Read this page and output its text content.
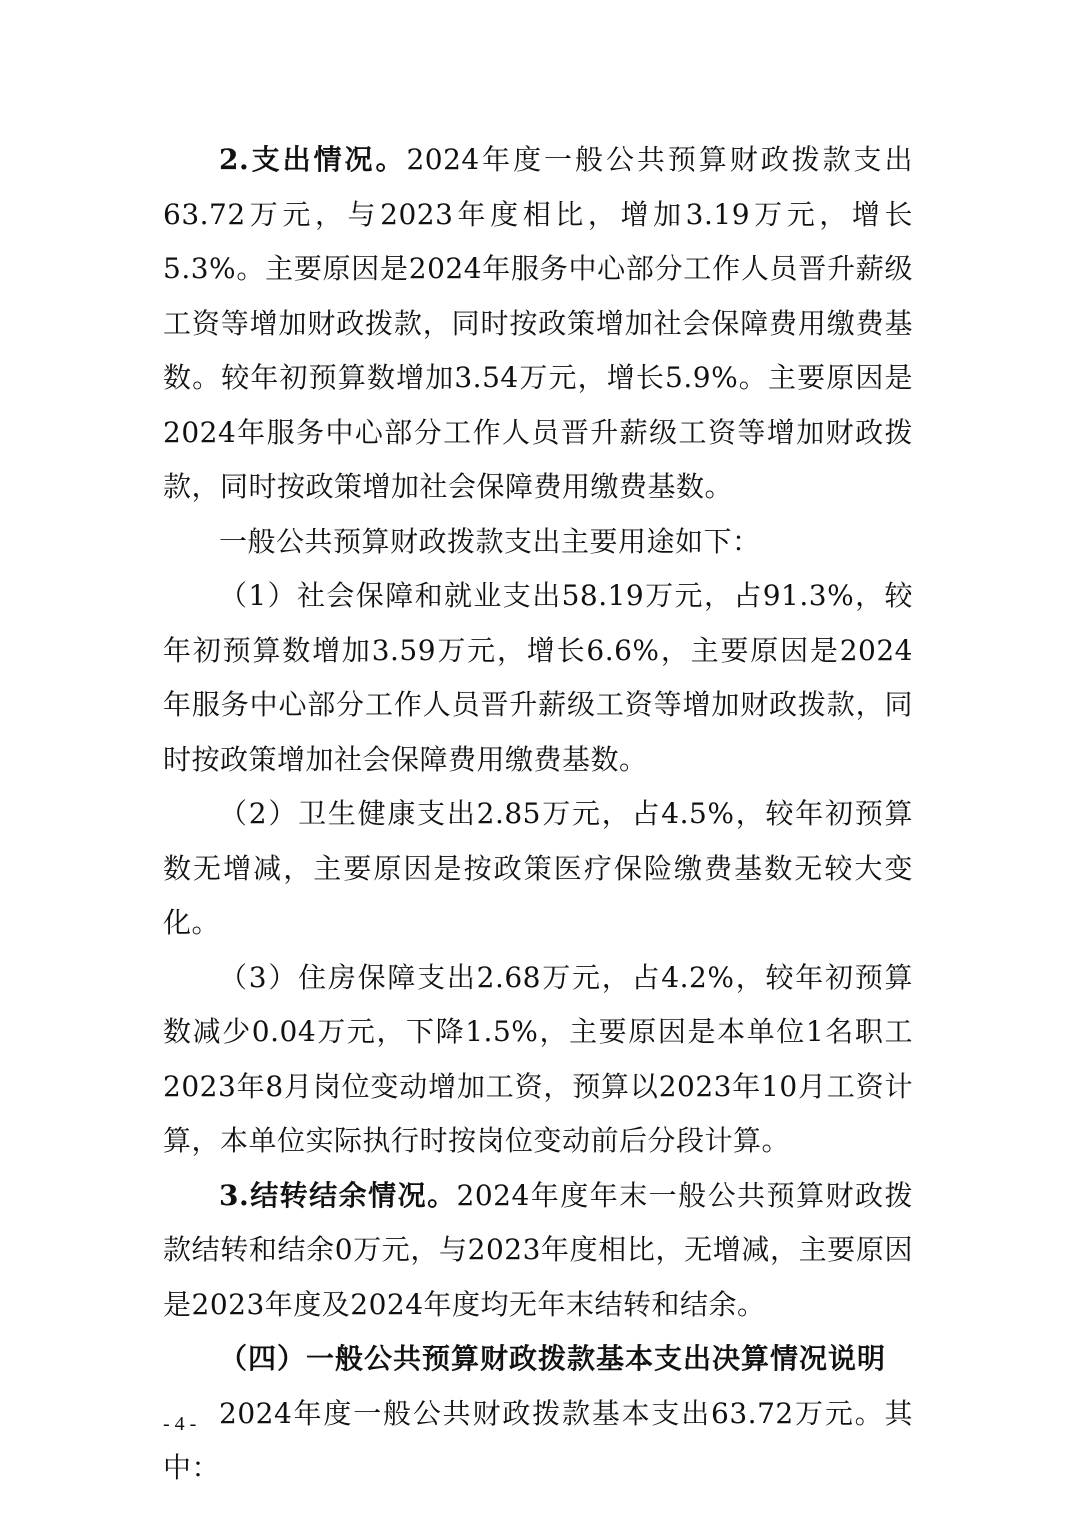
2.支出情况。2024年度一般公共预算财政拨款支出63.72万元，与2023年度相比，增加3.19万元，增长5.3%。主要原因是2024年服务中心部分工作人员晋升薪级工资等增加财政拨款，同时按政策增加社会保障费用缴费基数。较年初预算数增加3.54万元，增长5.9%。主要原因是2024年服务中心部分工作人员晋升薪级工资等增加财政拨款，同时按政策增加社会保障费用缴费基数。

一般公共预算财政拨款支出主要用途如下：

（1）社会保障和就业支出58.19万元，占91.3%，较年初预算数增加3.59万元，增长6.6%，主要原因是2024年服务中心部分工作人员晋升薪级工资等增加财政拨款，同时按政策增加社会保障费用缴费基数。

（2）卫生健康支出2.85万元，占4.5%，较年初预算数无增减，主要原因是按政策医疗保险缴费基数无较大变化。

（3）住房保障支出2.68万元，占4.2%，较年初预算数减少0.04万元，下降1.5%，主要原因是本单位1名职工2023年8月岗位变动增加工资，预算以2023年10月工资计算，本单位实际执行时按岗位变动前后分段计算。

3.结转结余情况。2024年度年末一般公共预算财政拨款结转和结余0万元，与2023年度相比，无增减，主要原因是2023年度及2024年度均无年末结转和结余。

（四）一般公共预算财政拨款基本支出决算情况说明

2024年度一般公共财政拨款基本支出63.72万元。其中：

- 4 -
